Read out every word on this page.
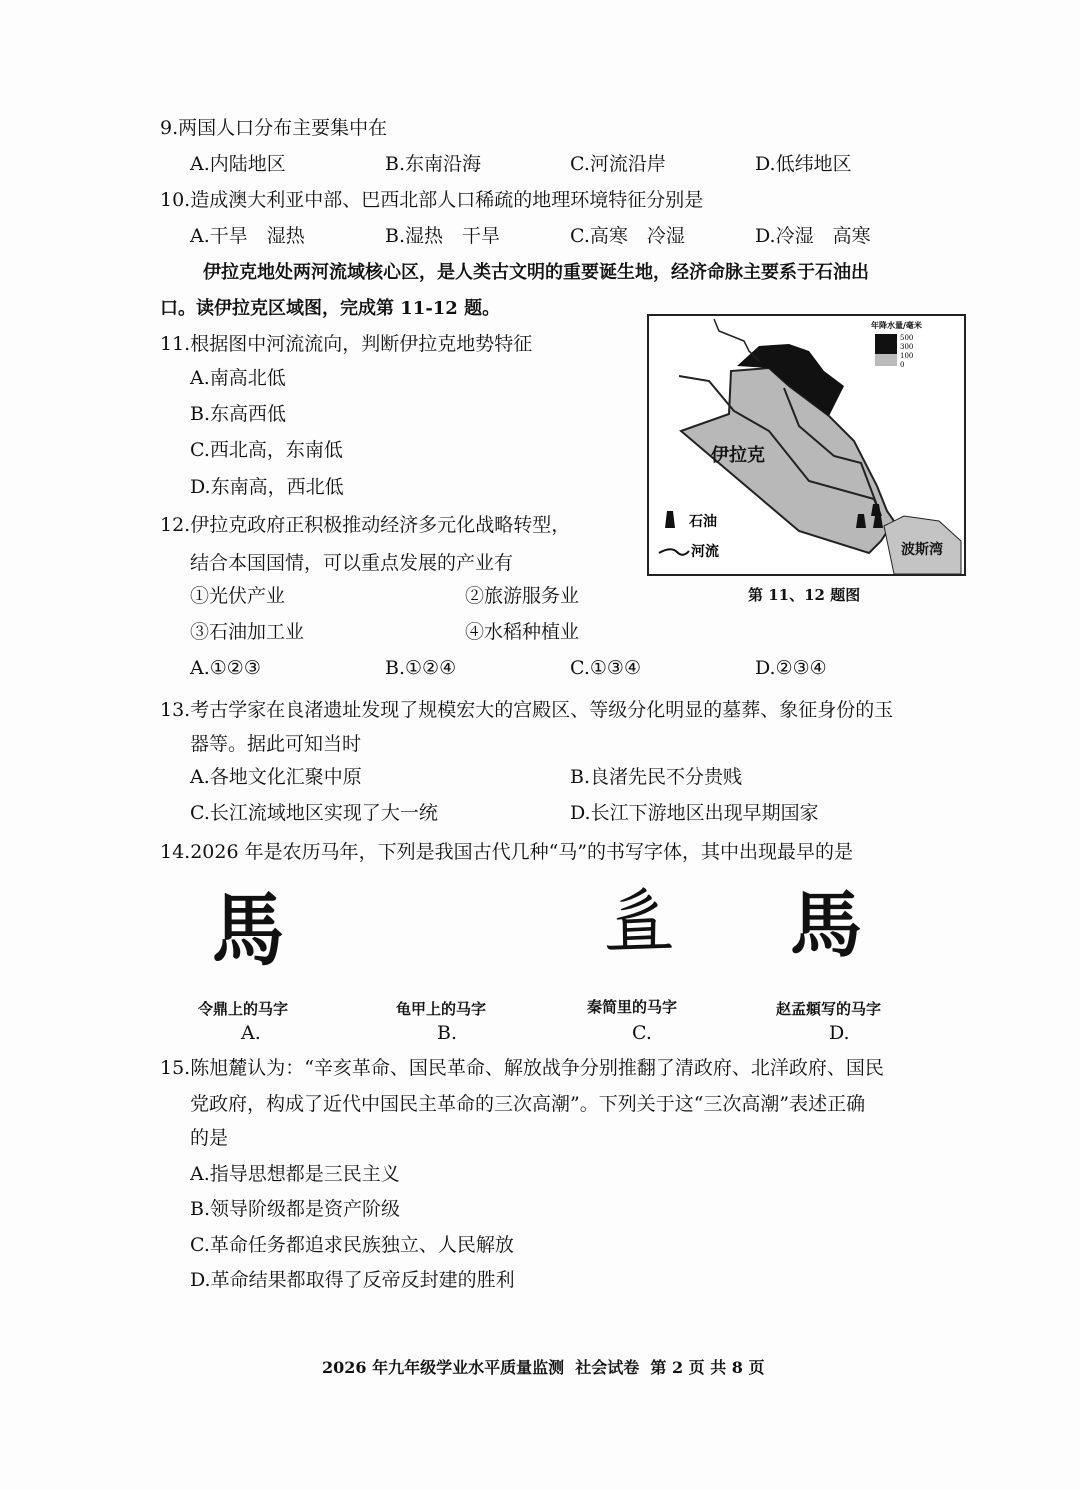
9.两国人口分布主要集中在
A.内陆地区	B.东南沿海	C.河流沿岸	D.低纬地区
10.造成澳大利亚中部、巴西北部人口稀疏的地理环境特征分别是
A.干旱　湿热	B.湿热　干旱	C.高寒　冷湿	D.冷湿　高寒
伊拉克地处两河流域核心区，是人类古文明的重要诞生地，经济命脉主要系于石油出
口。读伊拉克区域图，完成第 11-12 题。
11.根据图中河流流向，判断伊拉克地势特征
A.南高北低
B.东高西低
C.西北高，东南低
D.东南高，西北低
12.伊拉克政府正积极推动经济多元化战略转型，
结合本国国情，可以重点发展的产业有
①光伏产业	②旅游服务业
③石油加工业	④水稻种植业
A.①②③	B.①②④	C.①③④	D.②③④
伊拉克
波斯湾
年降水量/毫米
500
300
100
0
石油
河流
第 11、12 题图
13.考古学家在良渚遗址发现了规模宏大的宫殿区、等级分化明显的墓葬、象征身份的玉
器等。据此可知当时
A.各地文化汇聚中原	B.良渚先民不分贵贱
C.长江流域地区实现了大一统	D.长江下游地区出现早期国家
14.2026 年是农历马年，下列是我国古代几种“马”的书写字体，其中出现最早的是
馬	𢒉 馬
令鼎上的马字	龟甲上的马字	秦简里的马字	赵孟頫写的马字
A.	B.	C.	D.
15.陈旭麓认为：“辛亥革命、国民革命、解放战争分别推翻了清政府、北洋政府、国民
党政府，构成了近代中国民主革命的三次高潮”。下列关于这“三次高潮”表述正确
的是
A.指导思想都是三民主义
B.领导阶级都是资产阶级
C.革命任务都追求民族独立、人民解放
D.革命结果都取得了反帝反封建的胜利
2026 年九年级学业水平质量监测  社会试卷  第 2 页 共 8 页
